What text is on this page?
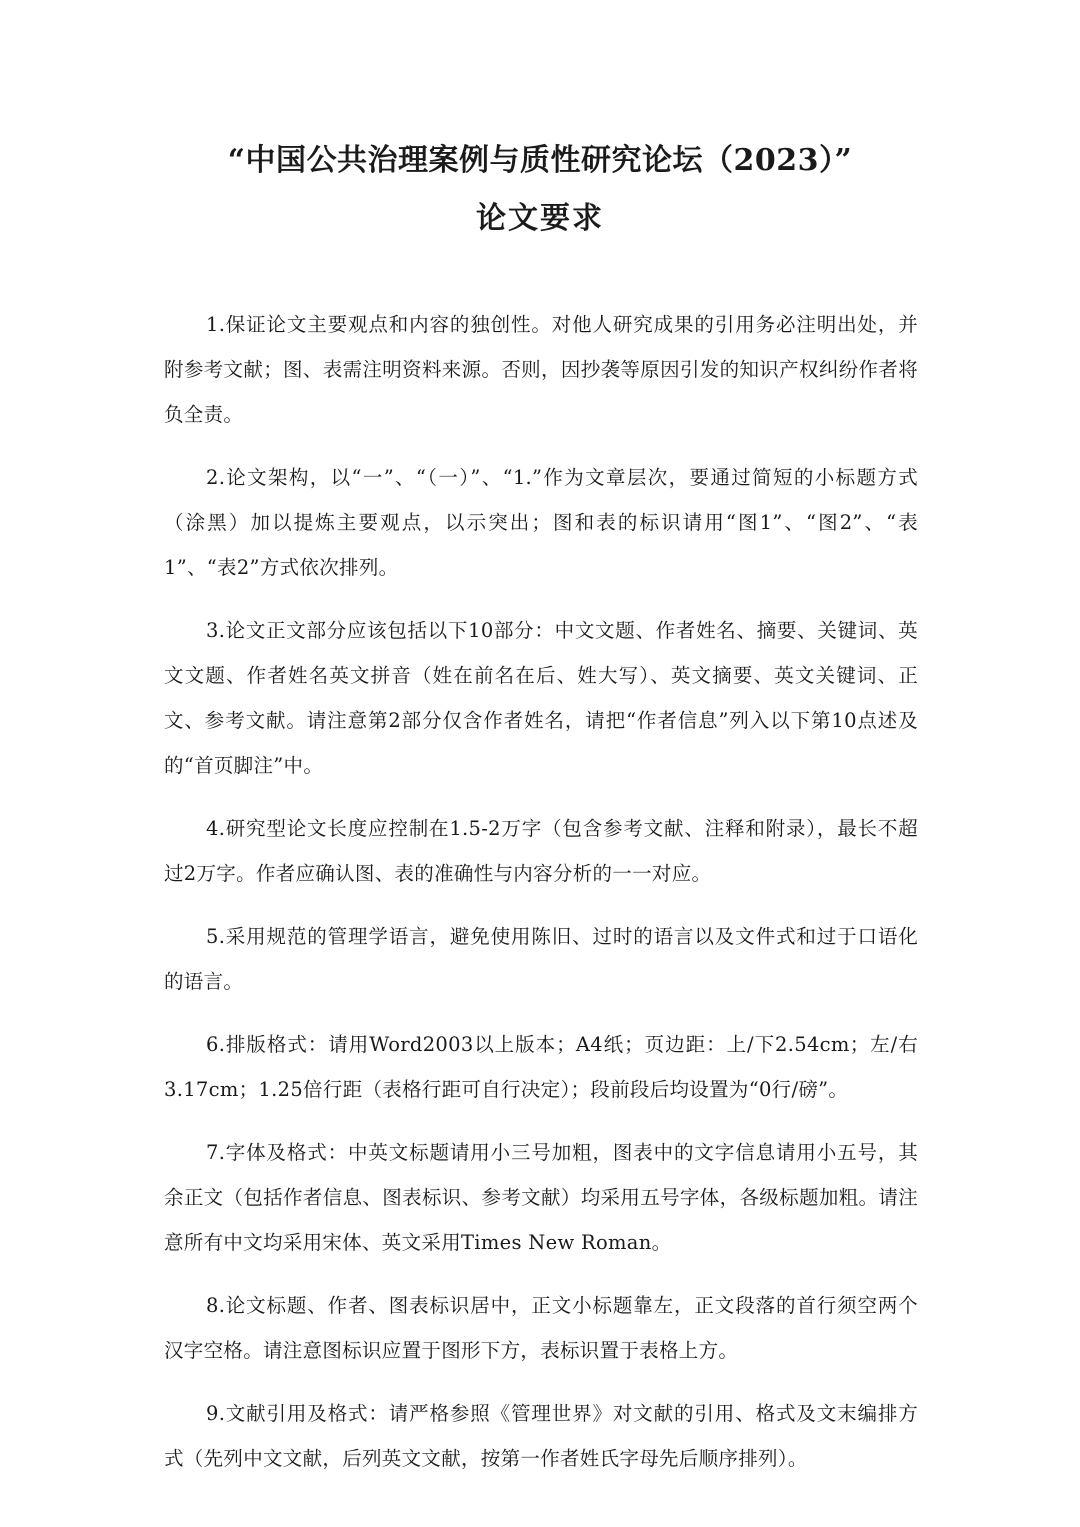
“中国公共治理案例与质性研究论坛（2023）”
论文要求

1.保证论文主要观点和内容的独创性。对他人研究成果的引用务必注明出处，并附参考文献；图、表需注明资料来源。否则，因抄袭等原因引发的知识产权纠纷作者将负全责。

2.论文架构，以“一”、“（一）”、“1.”作为文章层次，要通过简短的小标题方式（涂黑）加以提炼主要观点，以示突出；图和表的标识请用“图1”、“图2”、“表1”、“表2”方式依次排列。

3.论文正文部分应该包括以下10部分：中文文题、作者姓名、摘要、关键词、英文文题、作者姓名英文拼音（姓在前名在后、姓大写）、英文摘要、英文关键词、正文、参考文献。请注意第2部分仅含作者姓名，请把“作者信息”列入以下第10点述及的“首页脚注”中。

4.研究型论文长度应控制在1.5-2万字（包含参考文献、注释和附录），最长不超过2万字。作者应确认图、表的准确性与内容分析的一一对应。

5.采用规范的管理学语言，避免使用陈旧、过时的语言以及文件式和过于口语化的语言。

6.排版格式：请用Word2003以上版本；A4纸；页边距：上/下2.54cm；左/右3.17cm；1.25倍行距（表格行距可自行决定）；段前段后均设置为“0行/磅”。

7.字体及格式：中英文标题请用小三号加粗，图表中的文字信息请用小五号，其余正文（包括作者信息、图表标识、参考文献）均采用五号字体，各级标题加粗。请注意所有中文均采用宋体、英文采用Times New Roman。

8.论文标题、作者、图表标识居中，正文小标题靠左，正文段落的首行须空两个汉字空格。请注意图标识应置于图形下方，表标识置于表格上方。

9.文献引用及格式：请严格参照《管理世界》对文献的引用、格式及文末编排方式（先列中文文献，后列英文文献，按第一作者姓氏字母先后顺序排列）。
